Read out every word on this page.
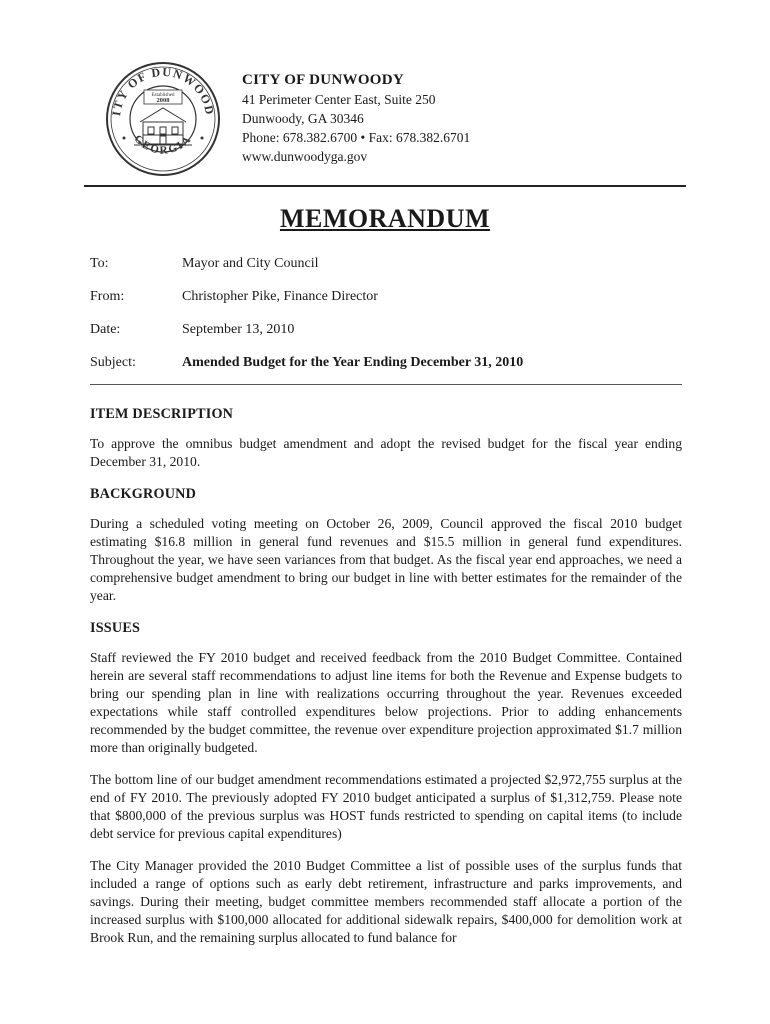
ITY OF DUNWOOD
GEORGIA
Established
2008
CITY OF DUNWOODY
41 Perimeter Center East, Suite 250
Dunwoody, GA 30346
Phone: 678.382.6700 • Fax: 678.382.6701
www.dunwoodyga.gov
MEMORANDUM
To:	Mayor and City Council
From:	Christopher Pike, Finance Director
Date:	September 13, 2010
Subject:	Amended Budget for the Year Ending December 31, 2010
ITEM DESCRIPTION

To approve the omnibus budget amendment and adopt the revised budget for the fiscal year ending December 31, 2010.

BACKGROUND

During a scheduled voting meeting on October 26, 2009, Council approved the fiscal 2010 budget estimating $16.8 million in general fund revenues and $15.5 million in general fund expenditures. Throughout the year, we have seen variances from that budget. As the fiscal year end approaches, we need a comprehensive budget amendment to bring our budget in line with better estimates for the remainder of the year.

ISSUES

Staff reviewed the FY 2010 budget and received feedback from the 2010 Budget Committee. Contained herein are several staff recommendations to adjust line items for both the Revenue and Expense budgets to bring our spending plan in line with realizations occurring throughout the year. Revenues exceeded expectations while staff controlled expenditures below projections. Prior to adding enhancements recommended by the budget committee, the revenue over expenditure projection approximated $1.7 million more than originally budgeted.

The bottom line of our budget amendment recommendations estimated a projected $2,972,755 surplus at the end of FY 2010. The previously adopted FY 2010 budget anticipated a surplus of $1,312,759. Please note that $800,000 of the previous surplus was HOST funds restricted to spending on capital items (to include debt service for previous capital expenditures)

The City Manager provided the 2010 Budget Committee a list of possible uses of the surplus funds that included a range of options such as early debt retirement, infrastructure and parks improvements, and savings. During their meeting, budget committee members recommended staff allocate a portion of the increased surplus with $100,000 allocated for additional sidewalk repairs, $400,000 for demolition work at Brook Run, and the remaining surplus allocated to fund balance for
